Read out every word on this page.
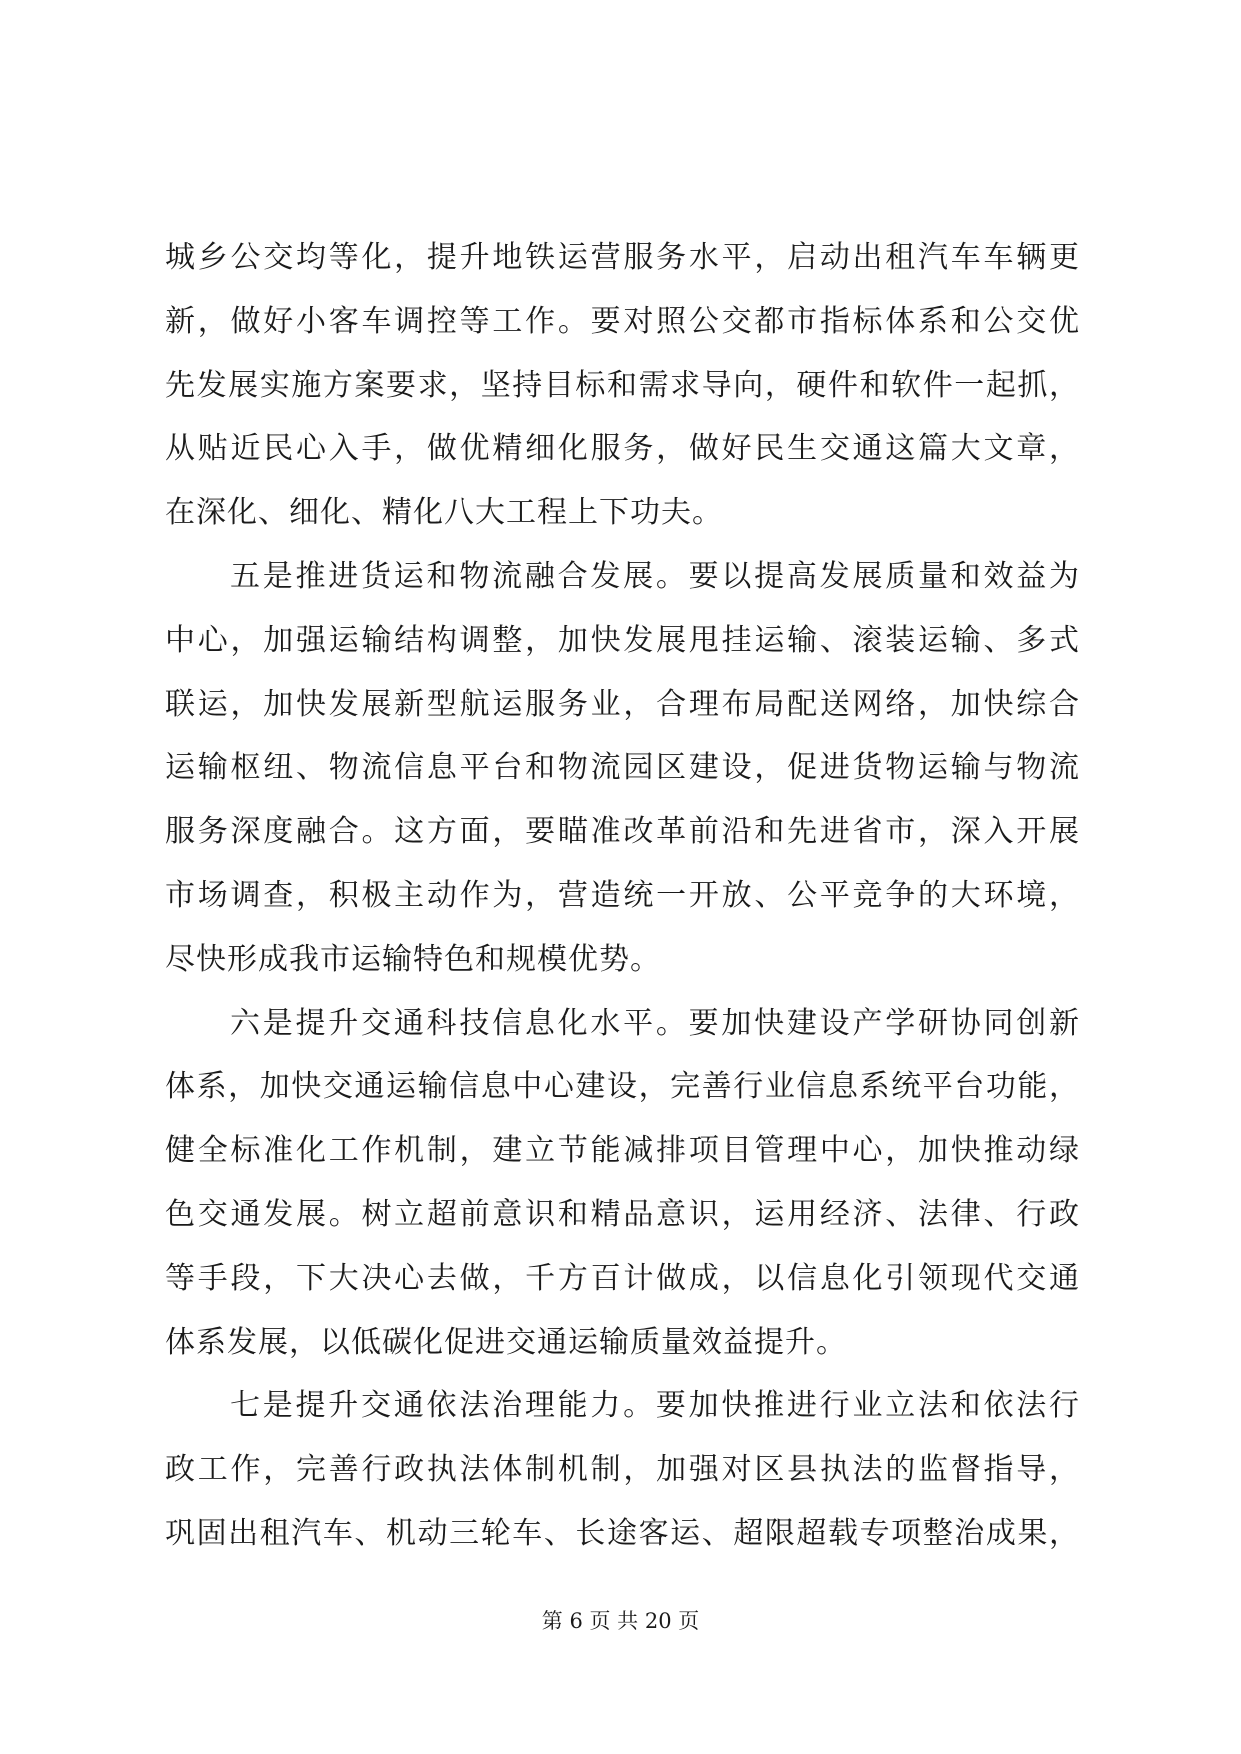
城乡公交均等化，提升地铁运营服务水平，启动出租汽车车辆更
新，做好小客车调控等工作。要对照公交都市指标体系和公交优
先发展实施方案要求，坚持目标和需求导向，硬件和软件一起抓，
从贴近民心入手，做优精细化服务，做好民生交通这篇大文章，
在深化、细化、精化八大工程上下功夫。
五是推进货运和物流融合发展。要以提高发展质量和效益为
中心，加强运输结构调整，加快发展甩挂运输、滚装运输、多式
联运，加快发展新型航运服务业，合理布局配送网络，加快综合
运输枢纽、物流信息平台和物流园区建设，促进货物运输与物流
服务深度融合。这方面，要瞄准改革前沿和先进省市，深入开展
市场调查，积极主动作为，营造统一开放、公平竞争的大环境，
尽快形成我市运输特色和规模优势。
六是提升交通科技信息化水平。要加快建设产学研协同创新
体系，加快交通运输信息中心建设，完善行业信息系统平台功能，
健全标准化工作机制，建立节能减排项目管理中心，加快推动绿
色交通发展。树立超前意识和精品意识，运用经济、法律、行政
等手段，下大决心去做，千方百计做成，以信息化引领现代交通
体系发展，以低碳化促进交通运输质量效益提升。
七是提升交通依法治理能力。要加快推进行业立法和依法行
政工作，完善行政执法体制机制，加强对区县执法的监督指导，
巩固出租汽车、机动三轮车、长途客运、超限超载专项整治成果，
第 6 页 共 20 页
